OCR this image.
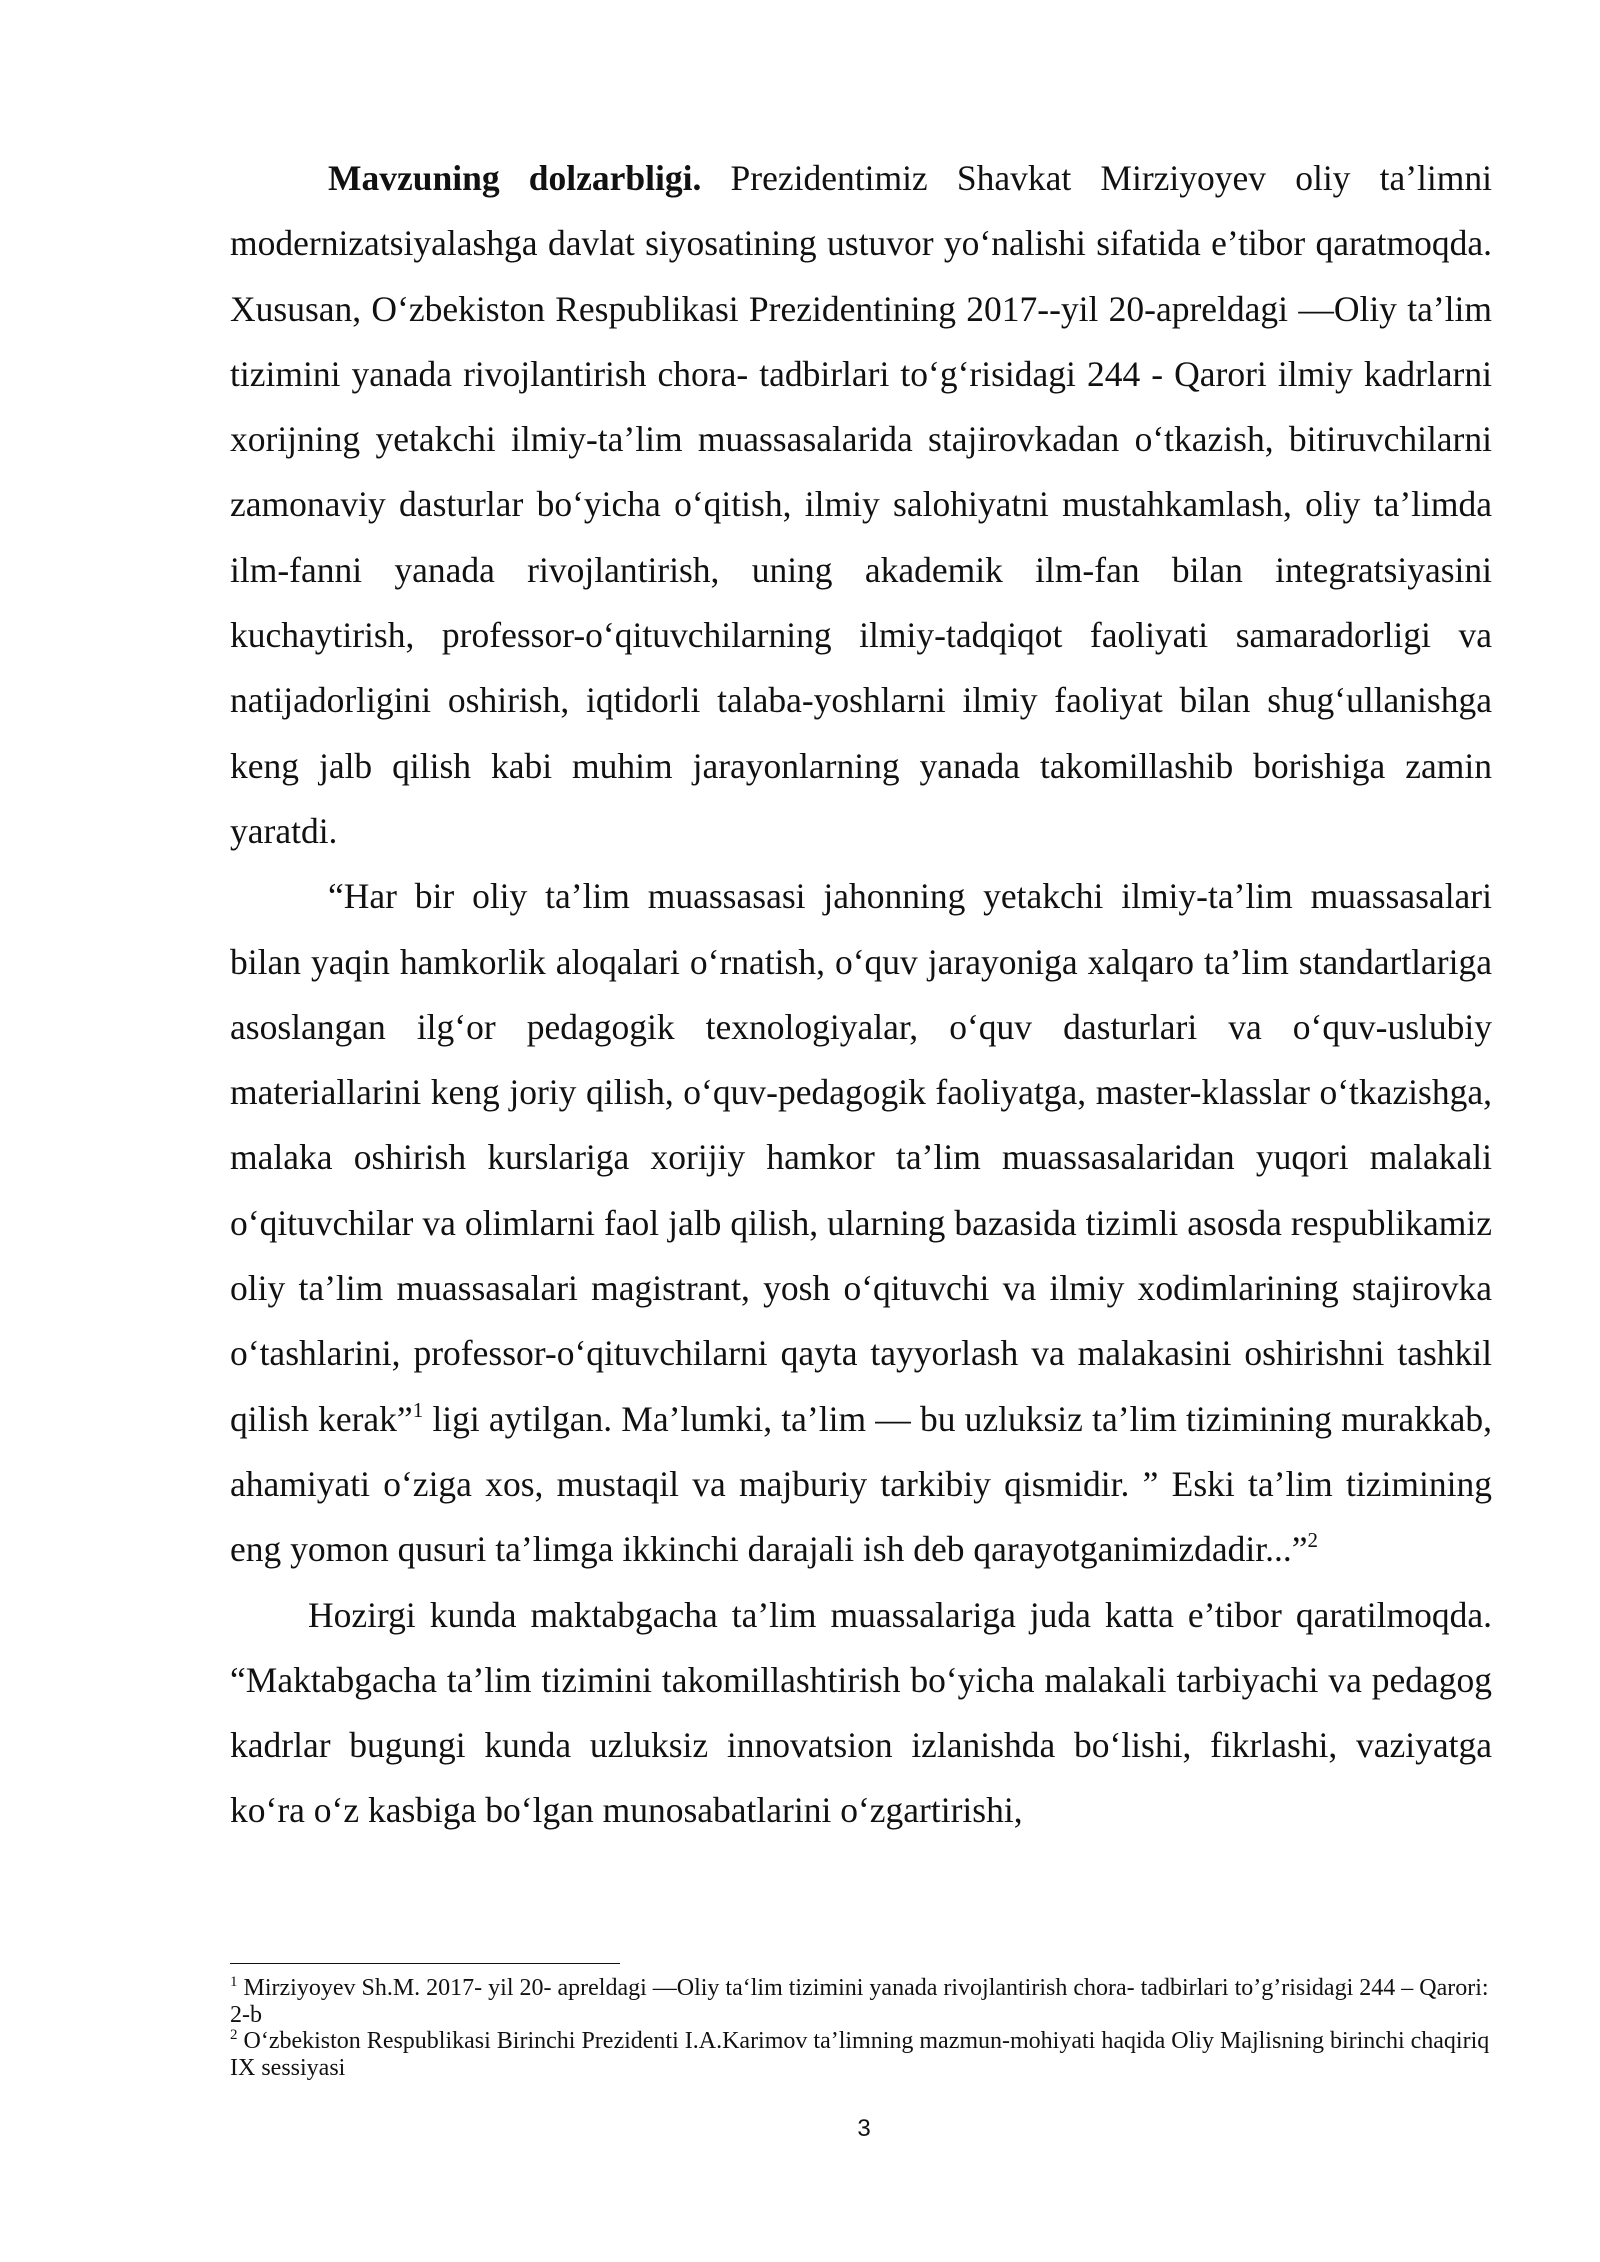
Mavzuning dolzarbligi. Prezidentimiz Shavkat Mirziyoyev oliy ta’limni modernizatsiyalashga davlat siyosatining ustuvor yo‘nalishi sifatida e’tibor qaratmoqda. Xususan, O‘zbekiston Respublikasi Prezidentining 2017--yil 20-apreldagi —Oliy ta’lim tizimini yanada rivojlantirish chora- tadbirlari to‘g‘risidagi 244 - Qarori ilmiy kadrlarni xorijning yetakchi ilmiy-ta’lim muassasalarida stajirovkadan o‘tkazish, bitiruvchilarni zamonaviy dasturlar bo‘yicha o‘qitish, ilmiy salohiyatni mustahkamlash, oliy ta’limda ilm-fanni yanada rivojlantirish, uning akademik ilm-fan bilan integratsiyasini kuchaytirish, professor-o‘qituvchilarning ilmiy-tadqiqot faoliyati samaradorligi va natijadorligini oshirish, iqtidorli talaba-yoshlarni ilmiy faoliyat bilan shug‘ullanishga keng jalb qilish kabi muhim jarayonlarning yanada takomillashib borishiga zamin yaratdi.

“Har bir oliy ta’lim muassasasi jahonning yetakchi ilmiy-ta’lim muassasalari bilan yaqin hamkorlik aloqalari o‘rnatish, o‘quv jarayoniga xalqaro ta’lim standartlariga asoslangan ilg‘or pedagogik texnologiyalar, o‘quv dasturlari va o‘quv-uslubiy materiallarini keng joriy qilish, o‘quv-pedagogik faoliyatga, master-klasslar o‘tkazishga, malaka oshirish kurslariga xorijiy hamkor ta’lim muassasalaridan yuqori malakali o‘qituvchilar va olimlarni faol jalb qilish, ularning bazasida tizimli asosda respublikamiz oliy ta’lim muassasalari magistrant, yosh o‘qituvchi va ilmiy xodimlarining stajirovka o‘tashlarini, professor-o‘qituvchilarni qayta tayyorlash va malakasini oshirishni tashkil qilish kerak”$^1$ ligi aytilgan. Ma’lumki, ta’lim — bu uzluksiz ta’lim tizimining murakkab, ahamiyati o‘ziga xos, mustaqil va majburiy tarkibiy qismidir. ” Eski ta’lim tizimining eng yomon qusuri ta’limga ikkinchi darajali ish deb qarayotganimizdadir...”$^2$

Hozirgi kunda maktabgacha ta’lim muassalariga juda katta e’tibor qaratilmoqda. “Maktabgacha ta’lim tizimini takomillashtirish bo‘yicha malakali tarbiyachi va pedagog kadrlar bugungi kunda uzluksiz innovatsion izlanishda bo‘lishi, fikrlashi, vaziyatga ko‘ra o‘z kasbiga bo‘lgan munosabatlarini o‘zgartirishi,

$^1$ Mirziyoyev Sh.M. 2017- yil 20- apreldagi —Oliy ta‘lim tizimini yanada rivojlantirish chora- tadbirlari to’g’risidagi 244 – Qarori: 2-b

$^2$ O‘zbekiston Respublikasi Birinchi Prezidenti I.A.Karimov ta’limning mazmun-mohiyati haqida Oliy Majlisning birinchi chaqiriq IX sessiyasi

3
